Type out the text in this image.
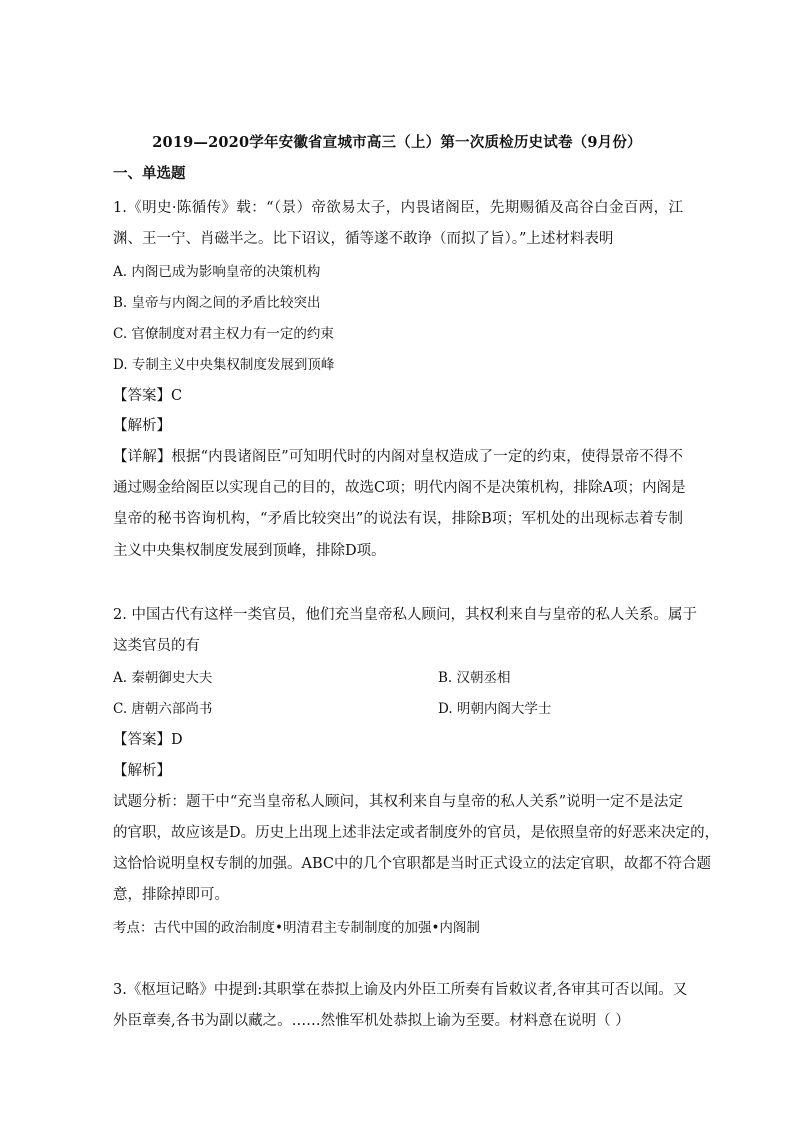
2019—2020学年安徽省宣城市高三（上）第一次质检历史试卷（9月份）
一、单选题
1.《明史·陈循传》载：“（景）帝欲易太子，内畏诸阁臣，先期赐循及高谷白金百两，江
渊、王一宁、肖磁半之。比下诏议，循等遂不敢诤（而拟了旨）。”上述材料表明
A. 内阁已成为影响皇帝的决策机构
B. 皇帝与内阁之间的矛盾比较突出
C. 官僚制度对君主权力有一定的约束
D. 专制主义中央集权制度发展到顶峰
【答案】C
【解析】
【详解】根据“内畏诸阁臣”可知明代时的内阁对皇权造成了一定的约束，使得景帝不得不
通过赐金给阁臣以实现自己的目的，故选C项；明代内阁不是决策机构，排除A项；内阁是
皇帝的秘书咨询机构，“矛盾比较突出”的说法有误，排除B项；军机处的出现标志着专制
主义中央集权制度发展到顶峰，排除D项。
2. 中国古代有这样一类官员，他们充当皇帝私人顾问，其权利来自与皇帝的私人关系。属于
这类官员的有
A. 秦朝御史大夫	B. 汉朝丞相
C. 唐朝六部尚书	D. 明朝内阁大学士
【答案】D
【解析】
试题分析：题干中“充当皇帝私人顾问，其权利来自与皇帝的私人关系”说明一定不是法定
的官职，故应该是D。历史上出现上述非法定或者制度外的官员，是依照皇帝的好恶来决定的，
这恰恰说明皇权专制的加强。ABC中的几个官职都是当时正式设立的法定官职，故都不符合题
意，排除掉即可。
考点：古代中国的政治制度•明清君主专制制度的加强•内阁制
3.《枢垣记略》中提到:其职掌在恭拟上谕及内外臣工所奏有旨敕议者,各审其可否以闻。又
外臣章奏,各书为副以藏之。……然惟军机处恭拟上谕为至要。材料意在说明（ ）
